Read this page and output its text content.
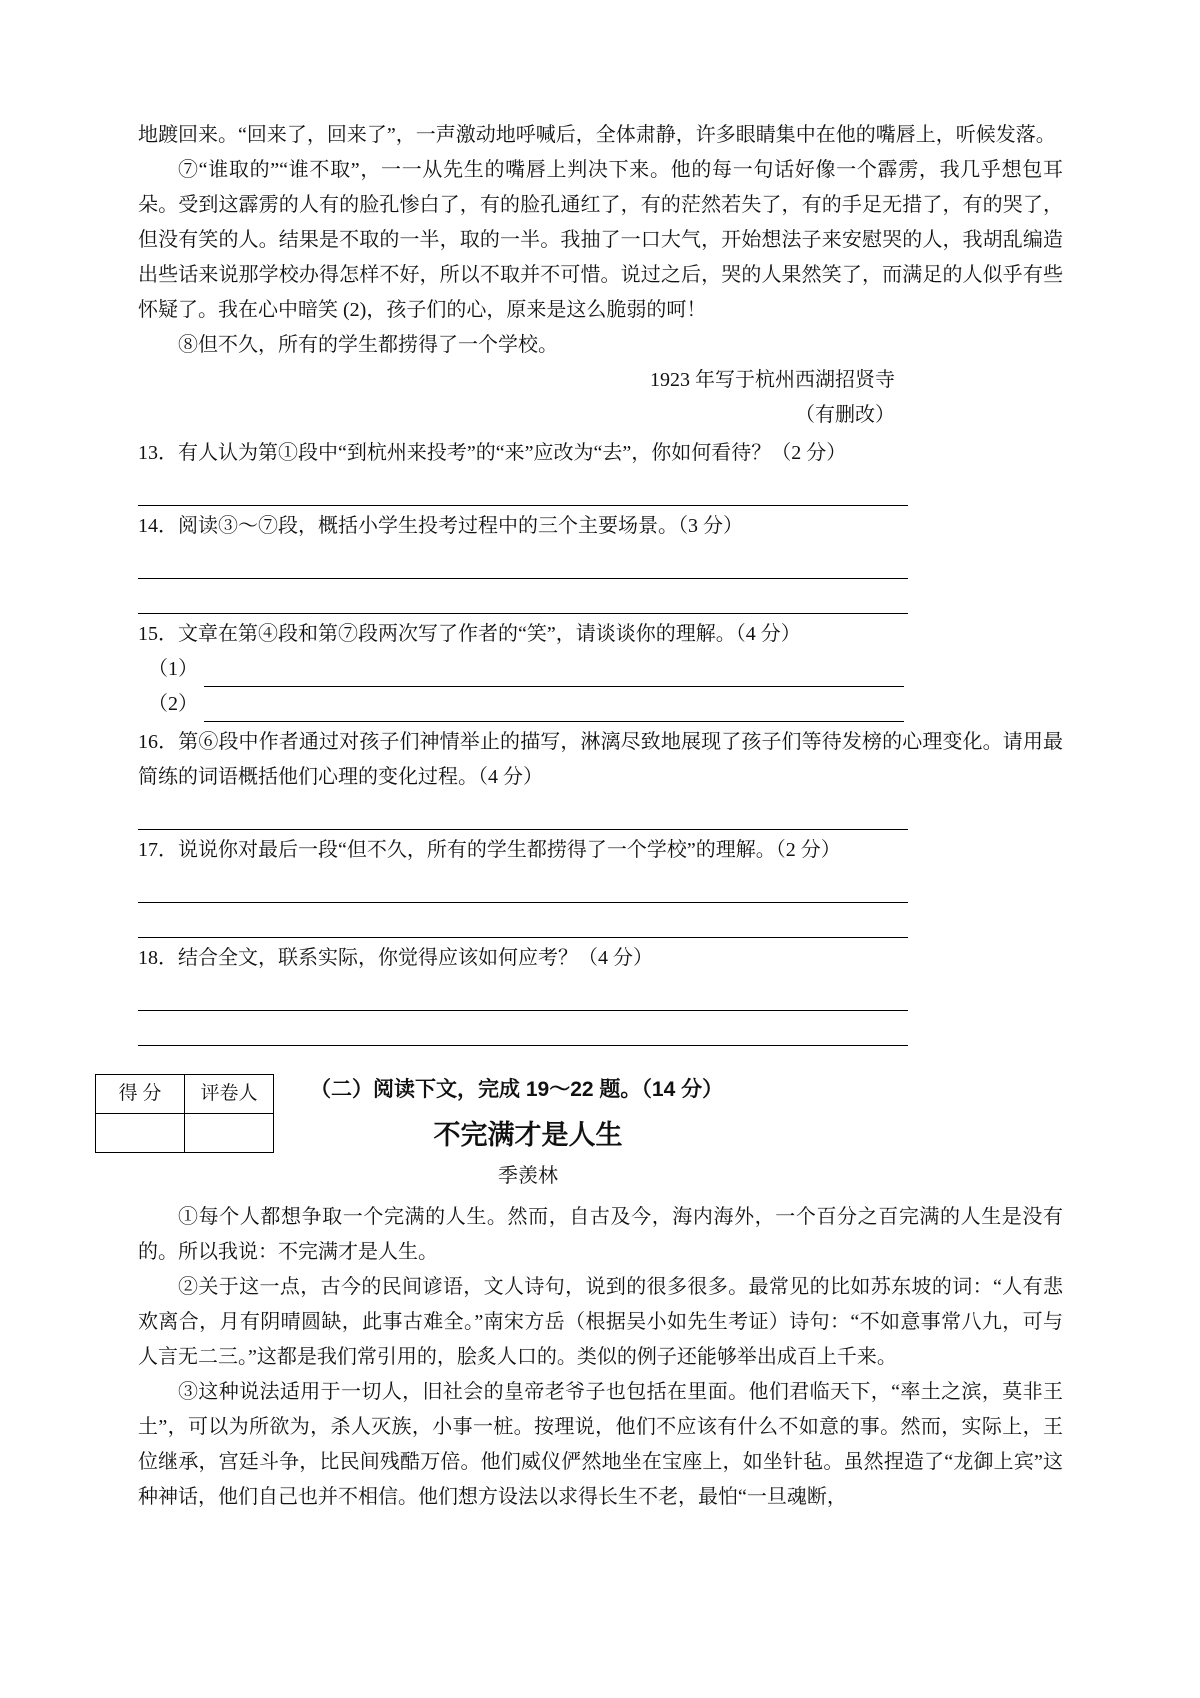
地踱回来。“回来了，回来了”，一声激动地呼喊后，全体肃静，许多眼睛集中在他的嘴唇上，听候发落。

⑦“谁取的”“谁不取”，一一从先生的嘴唇上判决下来。他的每一句话好像一个霹雳，我几乎想包耳朵。受到这霹雳的人有的脸孔惨白了，有的脸孔通红了，有的茫然若失了，有的手足无措了，有的哭了，但没有笑的人。结果是不取的一半，取的一半。我抽了一口大气，开始想法子来安慰哭的人，我胡乱编造出些话来说那学校办得怎样不好，所以不取并不可惜。说过之后，哭的人果然笑了，而满足的人似乎有些怀疑了。我在心中暗笑 (2)，孩子们的心，原来是这么脆弱的呵！

⑧但不久，所有的学生都捞得了一个学校。

1923 年写于杭州西湖招贤寺

（有删改）

13．有人认为第①段中“到杭州来投考”的“来”应改为“去”，你如何看待？（2 分）
14．阅读③～⑦段，概括小学生投考过程中的三个主要场景。（3 分）
15．文章在第④段和第⑦段两次写了作者的“笑”，请谈谈你的理解。（4 分）
（1）
（2）
16．第⑥段中作者通过对孩子们神情举止的描写，淋漓尽致地展现了孩子们等待发榜的心理变化。请用最简练的词语概括他们心理的变化过程。（4 分）
17．说说你对最后一段“但不久，所有的学生都捞得了一个学校”的理解。（2 分）
18．结合全文，联系实际，你觉得应该如何应考？（4 分）
得 分	评卷人
		（二）阅读下文，完成 19～22 题。（14 分）
不完满才是人生
季羡林

①每个人都想争取一个完满的人生。然而，自古及今，海内海外，一个百分之百完满的人生是没有的。所以我说：不完满才是人生。

②关于这一点，古今的民间谚语，文人诗句，说到的很多很多。最常见的比如苏东坡的词：“人有悲欢离合，月有阴晴圆缺，此事古难全。”南宋方岳（根据吴小如先生考证）诗句：“不如意事常八九，可与人言无二三。”这都是我们常引用的，脍炙人口的。类似的例子还能够举出成百上千来。

③这种说法适用于一切人，旧社会的皇帝老爷子也包括在里面。他们君临天下，“率土之滨，莫非王土”，可以为所欲为，杀人灭族，小事一桩。按理说，他们不应该有什么不如意的事。然而，实际上，王位继承，宫廷斗争，比民间残酷万倍。他们威仪俨然地坐在宝座上，如坐针毡。虽然捏造了“龙御上宾”这种神话，他们自己也并不相信。他们想方设法以求得长生不老，最怕“一旦魂断，
